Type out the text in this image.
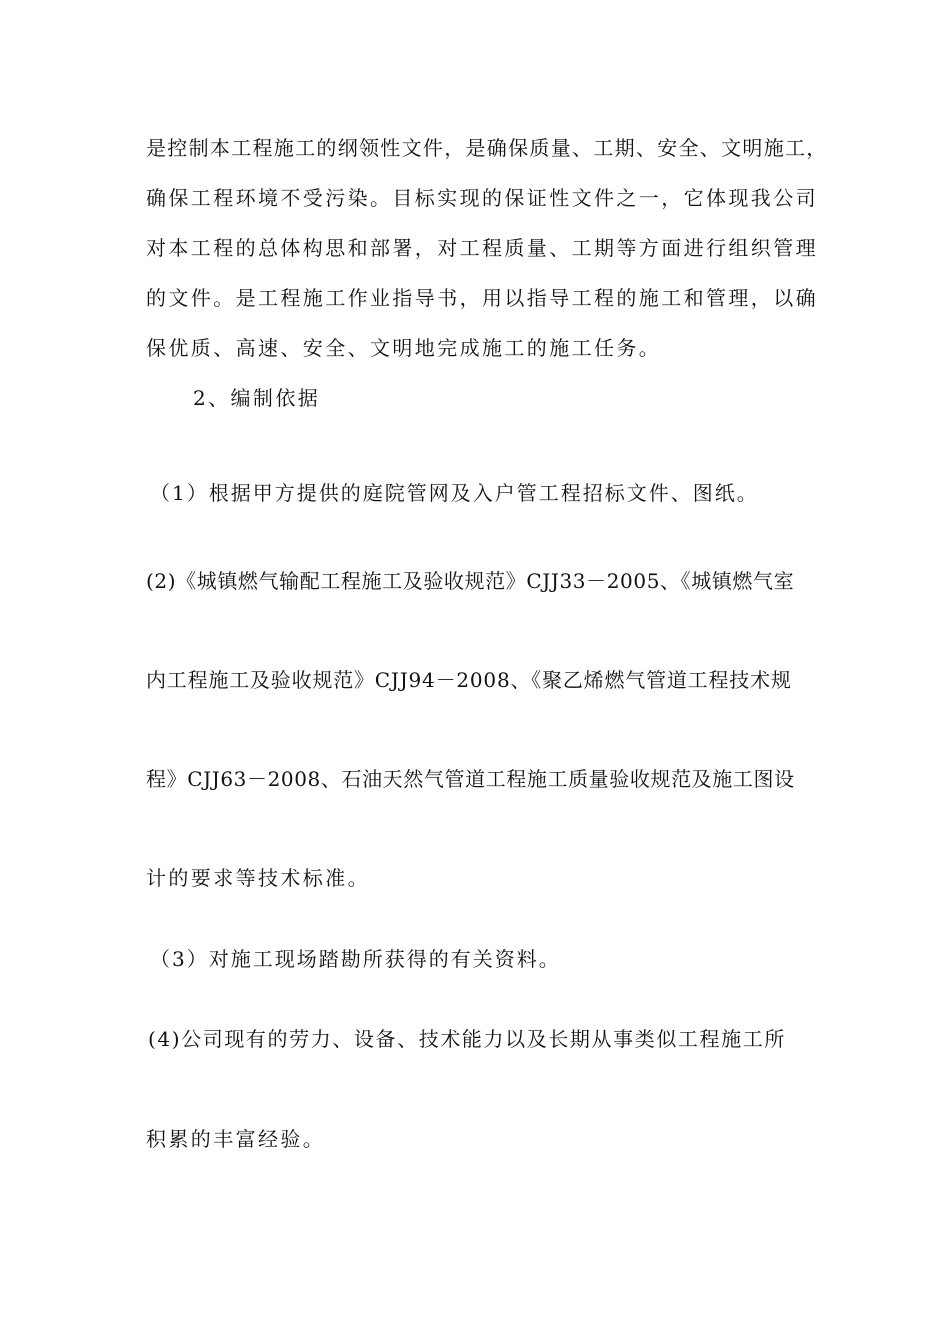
是控制本工程施工的纲领性文件，是确保质量、工期、安全、文明施工，
确保工程环境不受污染。目标实现的保证性文件之一，它体现我公司
对本工程的总体构思和部署，对工程质量、工期等方面进行组织管理
的文件。是工程施工作业指导书，用以指导工程的施工和管理，以确
保优质、高速、安全、文明地完成施工的施工任务。
2、编制依据
（1）根据甲方提供的庭院管网及入户管工程招标文件、图纸。
(2)《城镇燃气输配工程施工及验收规范》CJJ33－2005、《城镇燃气室
内工程施工及验收规范》CJJ94－2008、《聚乙烯燃气管道工程技术规
程》CJJ63－2008、石油天然气管道工程施工质量验收规范及施工图设
计的要求等技术标准。
（3）对施工现场踏勘所获得的有关资料。
(4)公司现有的劳力、设备、技术能力以及长期从事类似工程施工所
积累的丰富经验。
